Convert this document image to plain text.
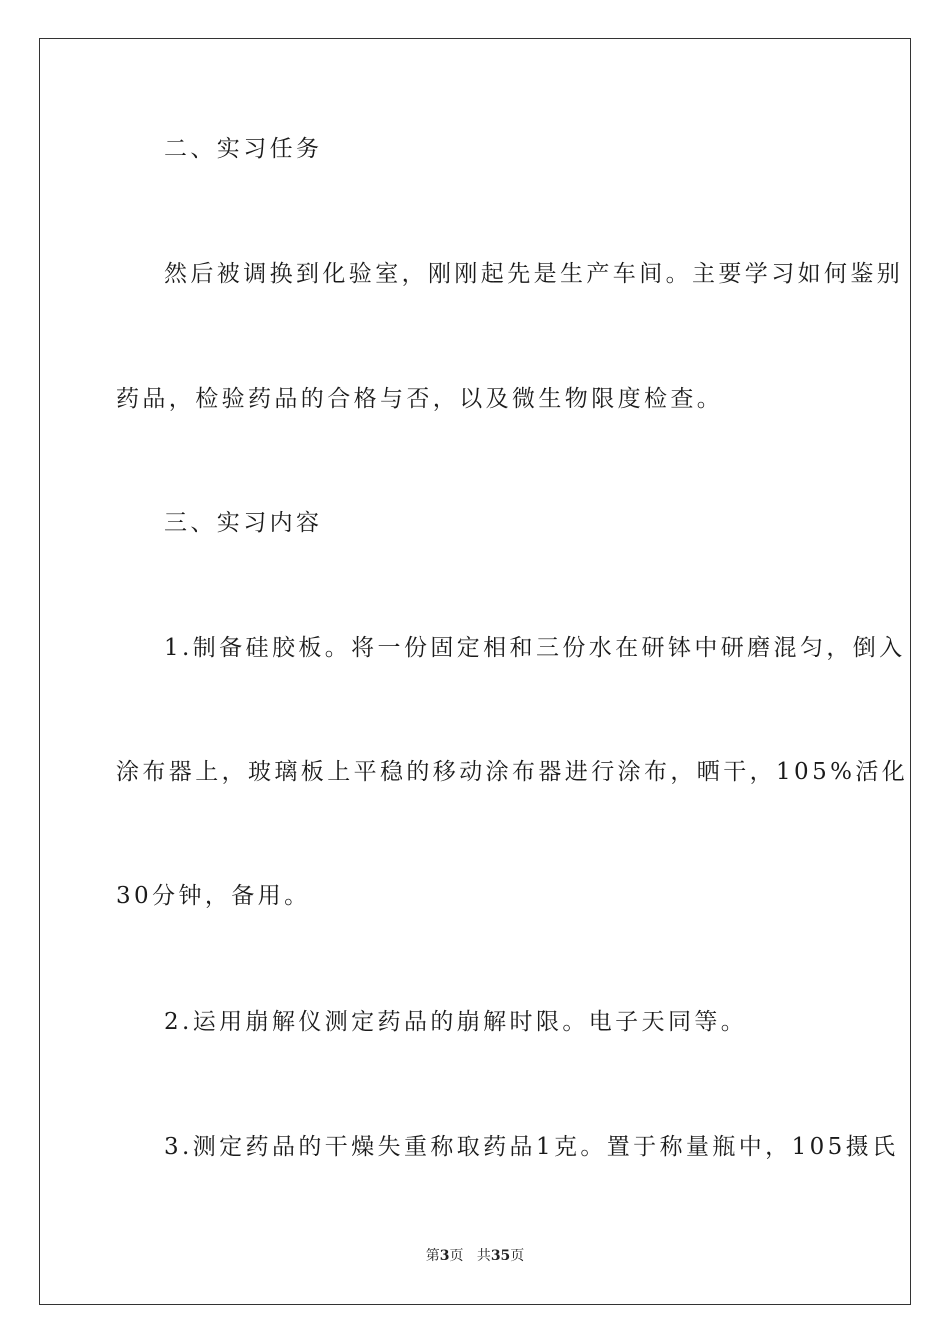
二、实习任务
然后被调换到化验室，刚刚起先是生产车间。主要学习如何鉴别
药品，检验药品的合格与否，以及微生物限度检查。
三、实习内容
1.制备硅胶板。将一份固定相和三份水在研钵中研磨混匀，倒入
涂布器上，玻璃板上平稳的移动涂布器进行涂布，晒干，105%活化
30分钟，备用。
2.运用崩解仪测定药品的崩解时限。电子天同等。
3.测定药品的干燥失重称取药品1克。置于称量瓶中，105摄氏
第3页 共35页
